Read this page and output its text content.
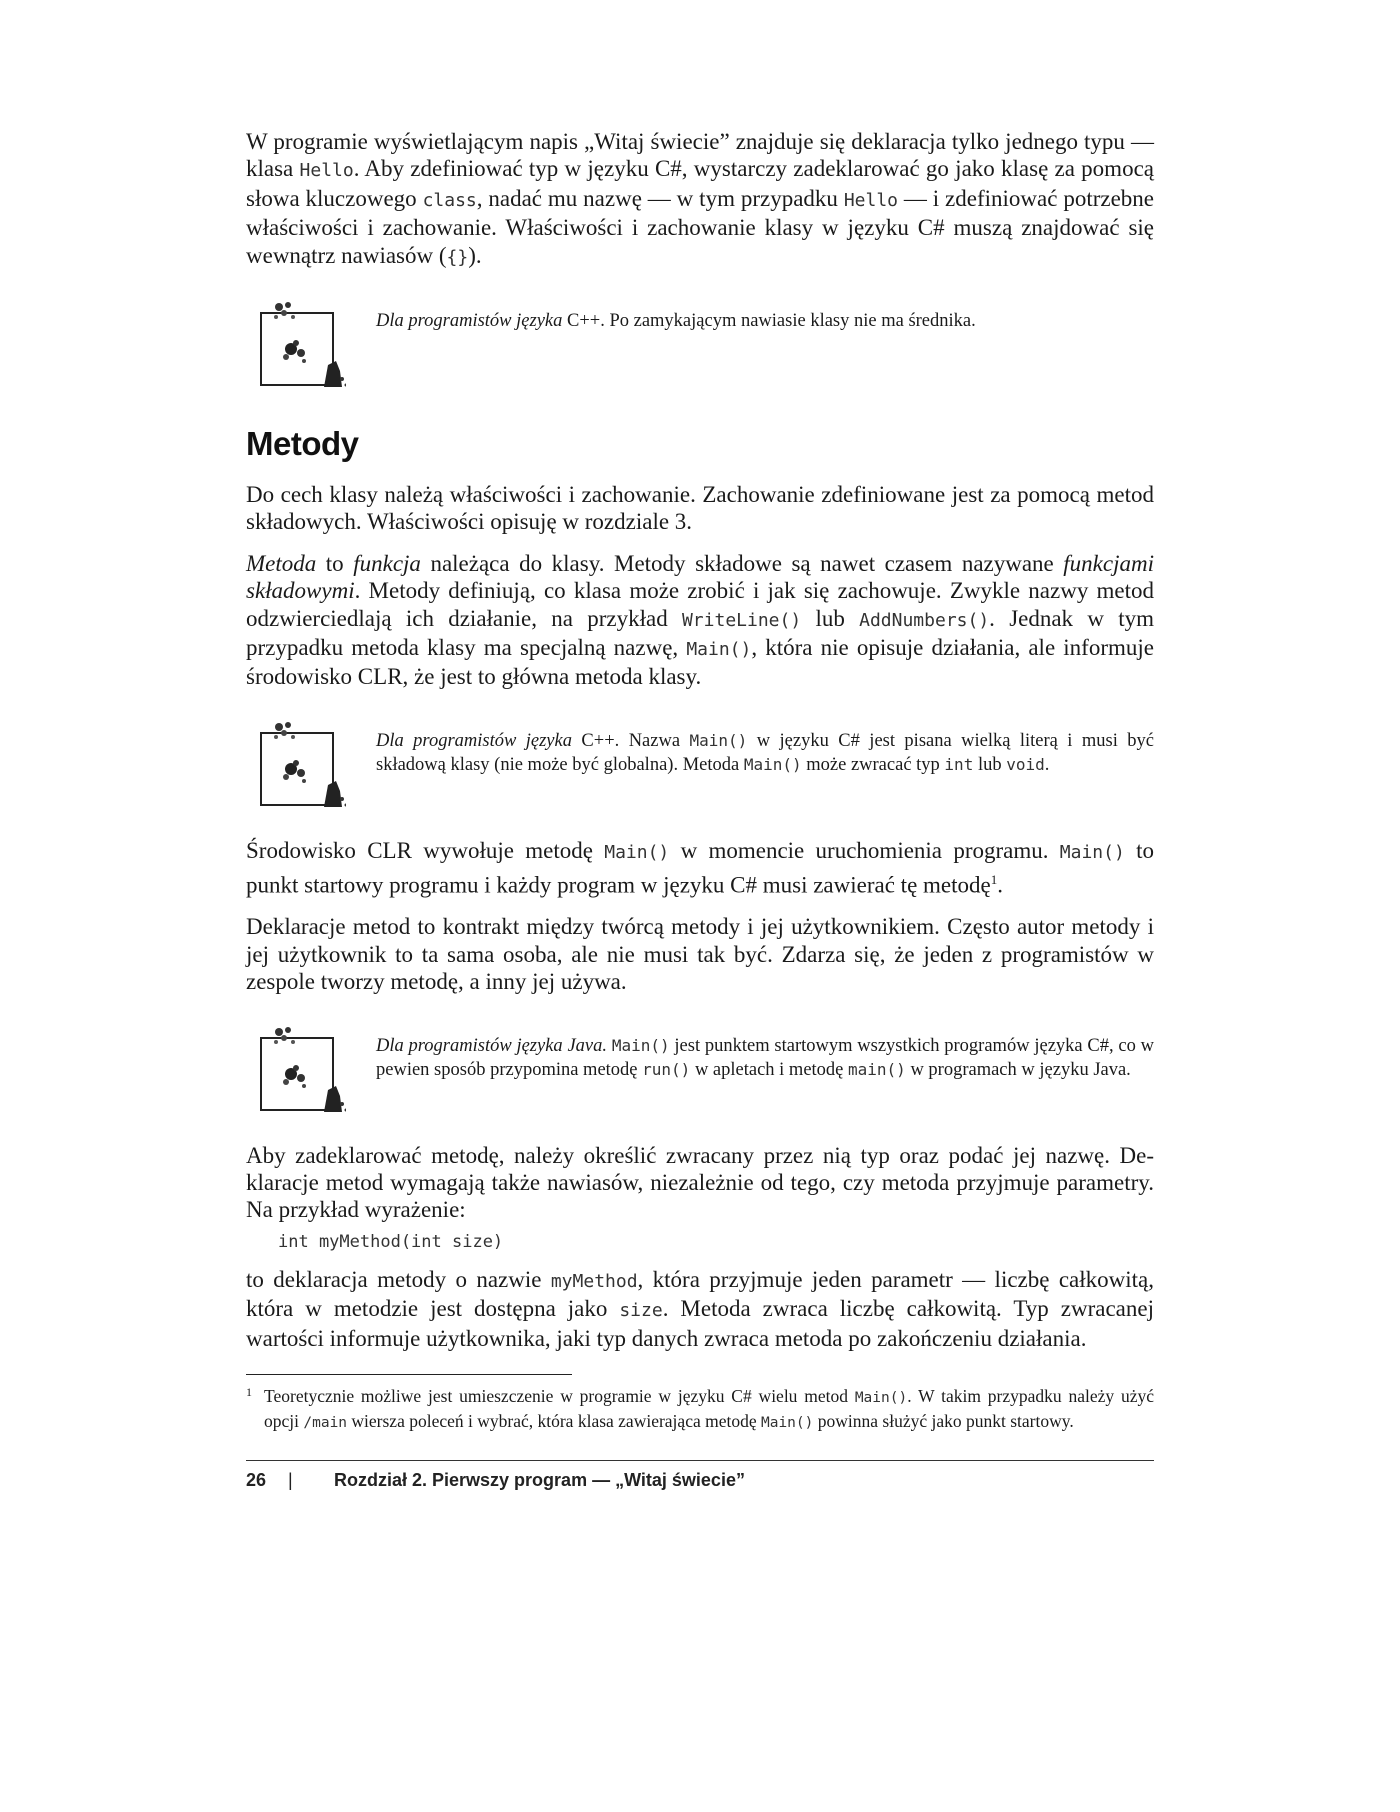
W programie wyświetlającym napis „Witaj świecie” znajduje się deklaracja tylko jednego typu — klasa Hello. Aby zdefiniować typ w języku C#, wystarczy zadeklarować go jako klasę za pomocą słowa kluczowego class, nadać mu nazwę — w tym przypadku Hello — i zdefiniować potrzebne właściwości i zachowanie. Właściwości i zachowanie klasy w języku C# muszą znajdować się wewnątrz nawiasów ({}).

Dla programistów języka C++. Po zamykającym nawiasie klasy nie ma średnika.
Metody

Do cech klasy należą właściwości i zachowanie. Zachowanie zdefiniowane jest za pomocą metod składowych. Właściwości opisuję w rozdziale 3.

Metoda to funkcja należąca do klasy. Metody składowe są nawet czasem nazywane funkcjami składowymi. Metody definiują, co klasa może zrobić i jak się zachowuje. Zwykle nazwy metod odzwierciedlają ich działanie, na przykład WriteLine() lub AddNumbers(). Jednak w tym przypadku metoda klasy ma specjalną nazwę, Main(), która nie opisuje działania, ale informuje środowisko CLR, że jest to główna metoda klasy.

Dla programistów języka C++. Nazwa Main() w języku C# jest pisana wielką literą i musi być składową klasy (nie może być globalna). Metoda Main() może zwracać typ int lub void.

Środowisko CLR wywołuje metodę Main() w momencie uruchomienia programu. Main() to punkt startowy programu i każdy program w języku C# musi zawierać tę metodę$^1$.

Deklaracje metod to kontrakt między twórcą metody i jej użytkownikiem. Często autor metody i jej użytkownik to ta sama osoba, ale nie musi tak być. Zdarza się, że jeden z programistów w zespole tworzy metodę, a inny jej używa.

Dla programistów języka Java. Main() jest punktem startowym wszystkich programów języka C#, co w pewien sposób przypomina metodę run() w apletach i metodę main() w programach w języku Java.

Aby zadeklarować metodę, należy określić zwracany przez nią typ oraz podać jej nazwę. Deklaracje metod wymagają także nawiasów, niezależnie od tego, czy metoda przyjmuje parametry. Na przykład wyrażenie:

int myMethod(int size)

to deklaracja metody o nazwie myMethod, która przyjmuje jeden parametr — liczbę całkowitą, która w metodzie jest dostępna jako size. Metoda zwraca liczbę całkowitą. Typ zwracanej wartości informuje użytkownika, jaki typ danych zwraca metoda po zakończeniu działania.

1 Teoretycznie możliwe jest umieszczenie w programie w języku C# wielu metod Main(). W takim przypadku należy użyć opcji /main wiersza poleceń i wybrać, która klasa zawierająca metodę Main() powinna służyć jako punkt startowy.
26	|	Rozdział 2. Pierwszy program — „Witaj świecie”
